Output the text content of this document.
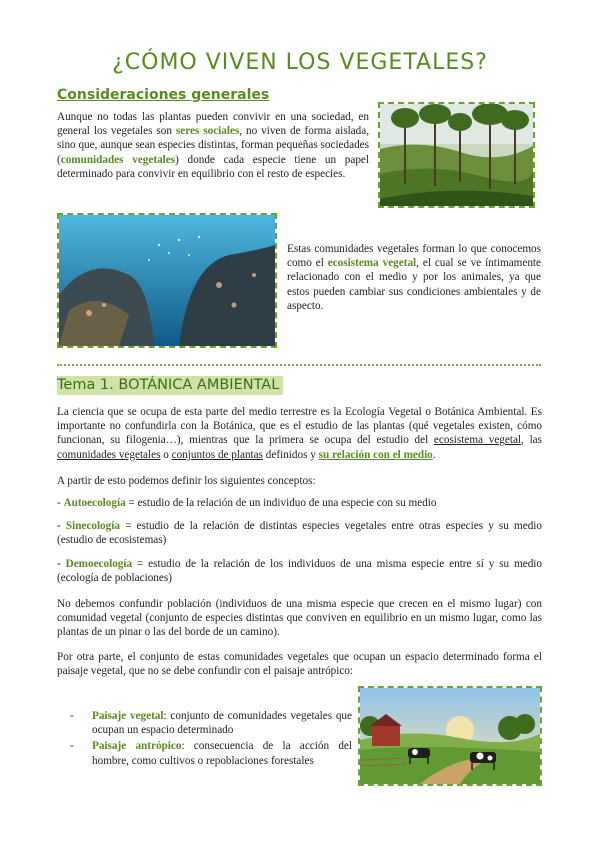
¿CÓMO VIVEN LOS VEGETALES?
Consideraciones generales
Aunque no todas las plantas pueden convivir en una sociedad, en general los vegetales son seres sociales, no viven de forma aislada, sino que, aunque sean especies distintas, forman pequeñas sociedades (comunidades vegetales) donde cada especie tiene un papel determinado para convivir en equilibrio con el resto de especies.
Estas comunidades vegetales forman lo que conocemos como el ecosistema vegetal, el cual se ve íntimamente relacionado con el medio y por los animales, ya que estos pueden cambiar sus condiciones ambientales y de aspecto.
Tema 1. BOTÁNICA AMBIENTAL
La ciencia que se ocupa de esta parte del medio terrestre es la Ecología Vegetal o Botánica Ambiental. Es importante no confundirla con la Botánica, que es el estudio de las plantas (qué vegetales existen, cómo funcionan, su filogenia…), mientras que la primera se ocupa del estudio del ecosistema vegetal, las comunidades vegetales o conjuntos de plantas definidos y su relación con el medio.
A partir de esto podemos definir los siguientes conceptos:
- Autoecología = estudio de la relación de un individuo de una especie con su medio
- Sinecología = estudio de la relación de distintas especies vegetales entre otras especies y su medio (estudio de ecosistemas)
- Demoecología = estudio de la relación de los individuos de una misma especie entre sí y su medio (ecología de poblaciones)
No debemos confundir población (individuos de una misma especie que crecen en el mismo lugar) con comunidad vegetal (conjunto de especies distintas que conviven en equilibrio en un mismo lugar, como las plantas de un pinar o las del borde de un camino).
Por otra parte, el conjunto de estas comunidades vegetales que ocupan un espacio determinado forma el paisaje vegetal, que no se debe confundir con el paisaje antrópico:
-	Paisaje vegetal: conjunto de comunidades vegetales que ocupan un espacio determinado
-	Paisaje antrópico: consecuencia de la acción del hombre, como cultivos o repoblaciones forestales
